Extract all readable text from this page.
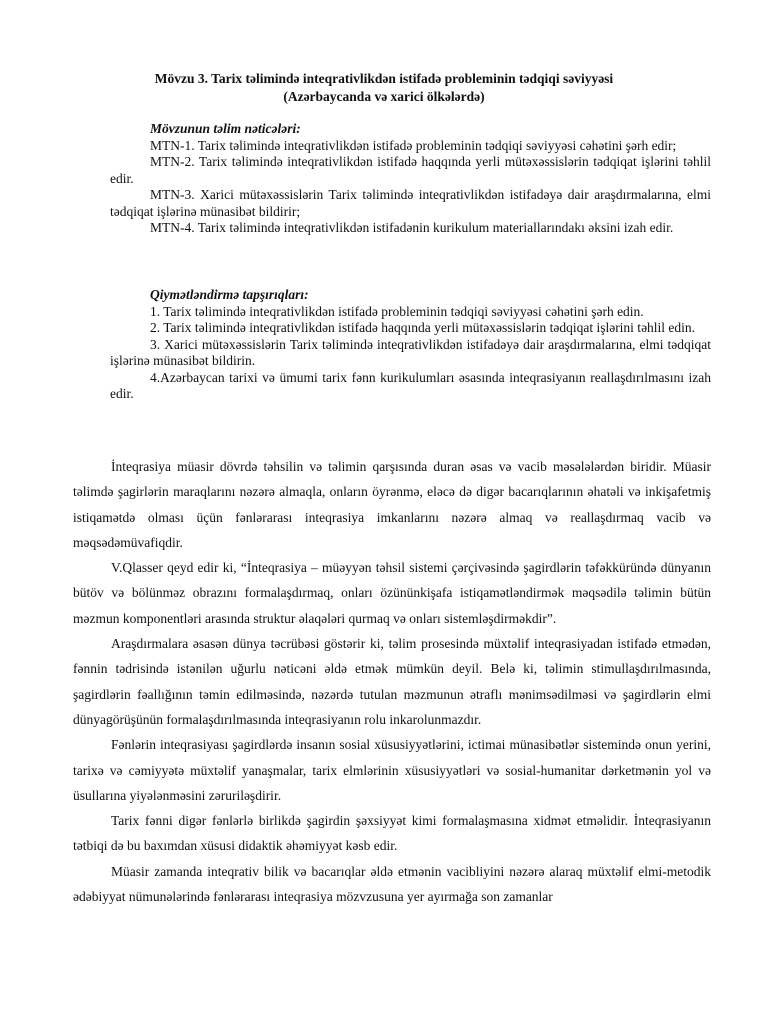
Mövzu 3. Tarix təlimində inteqrativlikdən istifadə probleminin tədqiqi səviyyəsi
(Azərbaycanda və xarici ölkələrdə)
Mövzunun təlim nəticələri:

MTN-1. Tarix təlimində inteqrativlikdən istifadə probleminin tədqiqi səviyyəsi cəhətini şərh edir;

MTN-2. Tarix təlimində inteqrativlikdən istifadə haqqında yerli mütəxəssislərin tədqiqat işlərini təhlil edir.

MTN-3. Xarici mütəxəssislərin Tarix təlimində inteqrativlikdən istifadəyə dair araşdırmalarına, elmi tədqiqat işlərinə münasibət bildirir;

MTN-4. Tarix təlimində inteqrativlikdən istifadənin kurikulum materiallarındakı əksini izah edir.

Qiymətləndirmə tapşırıqları:

1. Tarix təlimində inteqrativlikdən istifadə probleminin tədqiqi səviyyəsi cəhətini şərh edin.

2. Tarix təlimində inteqrativlikdən istifadə haqqında yerli mütəxəssislərin tədqiqat işlərini təhlil edin.

3. Xarici mütəxəssislərin Tarix təlimində inteqrativlikdən istifadəyə dair araşdırmalarına, elmi tədqiqat işlərinə münasibət bildirin.

4.Azərbaycan tarixi və ümumi tarix fənn kurikulumları əsasında inteqrasiyanın reallaşdırılmasını izah edir.

İnteqrasiya müasir dövrdə təhsilin və təlimin qarşısında duran əsas və vacib məsələlərdən biridir. Müasir təlimdə şagirlərin maraqlarını nəzərə almaqla, onların öyrənmə, eləcə də digər bacarıqlarının əhatəli və inkişafetmiş istiqamətdə olması üçün fənlərarası inteqrasiya imkanlarını nəzərə almaq və reallaşdırmaq vacib və məqsədəmüvafiqdir.

V.Qlasser qeyd edir ki, “İnteqrasiya – müəyyən təhsil sistemi çərçivəsində şagirdlərin təfəkküründə dünyanın bütöv və bölünməz obrazını formalaşdırmaq, onları özününkişafa istiqamətləndirmək məqsədilə təlimin bütün məzmun komponentləri arasında struktur əlaqələri qurmaq və onları sistemləşdirməkdir”.

Araşdırmalara əsasən dünya təcrübəsi göstərir ki, təlim prosesində müxtəlif inteqrasiyadan istifadə etmədən, fənnin tədrisində istənilən uğurlu nəticəni əldə etmək mümkün deyil. Belə ki, təlimin stimullaşdırılmasında, şagirdlərin fəallığının təmin edilməsində, nəzərdə tutulan məzmunun ətraflı mənimsədilməsi və şagirdlərin elmi dünyagörüşünün formalaşdırılmasında inteqrasiyanın rolu inkarolunmazdır.

Fənlərin inteqrasiyası şagirdlərdə insanın sosial xüsusiyyətlərini, ictimai münasibətlər sistemində onun yerini, tarixə və cəmiyyətə müxtəlif yanaşmalar, tarix elmlərinin xüsusiyyətləri və sosial-humanitar dərketmənin yol və üsullarına yiyələnməsini zəruriləşdirir.

Tarix fənni digər fənlərlə birlikdə şagirdin şəxsiyyət kimi formalaşmasına xidmət etməlidir. İnteqrasiyanın tətbiqi də bu baxımdan xüsusi didaktik əhəmiyyət kəsb edir.

Müasir zamanda inteqrativ bilik və bacarıqlar əldə etmənin vacibliyini nəzərə alaraq müxtəlif elmi-metodik ədəbiyyat nümunələrində fənlərarası inteqrasiya mözvzusuna yer ayırmağa son zamanlar
